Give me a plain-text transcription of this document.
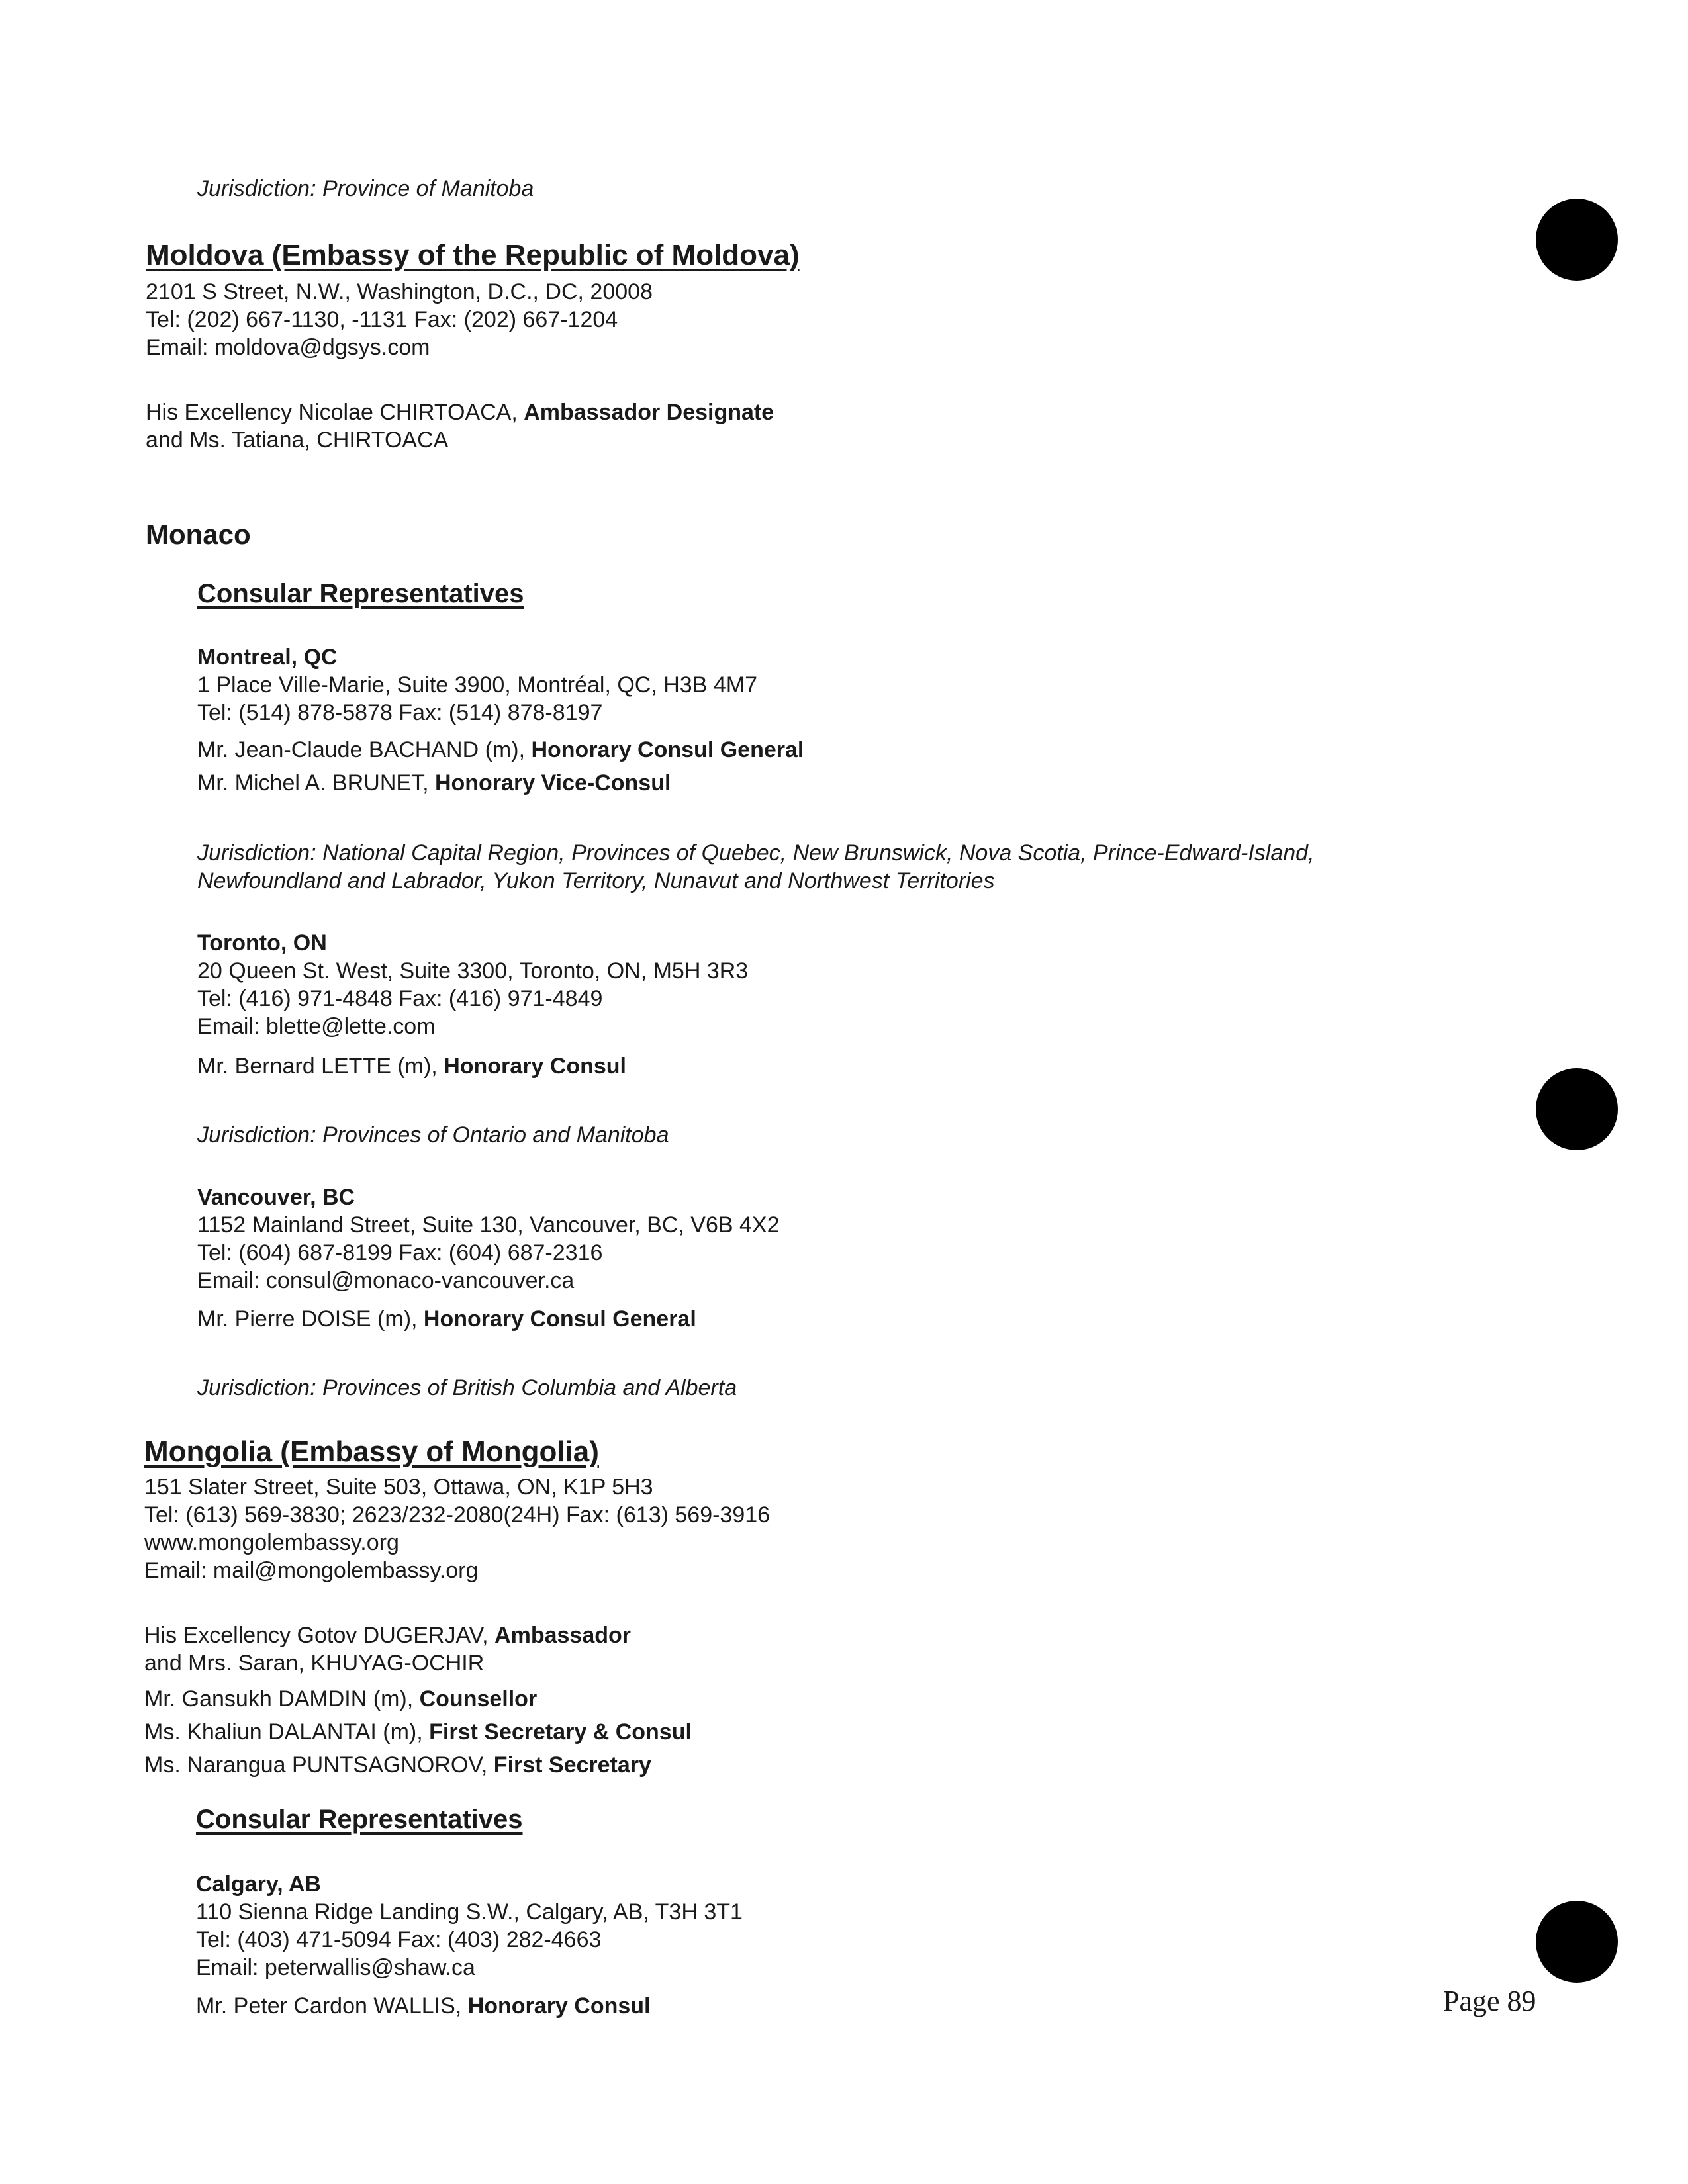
Jurisdiction: Province of Manitoba
Moldova (Embassy of the Republic of Moldova)
2101 S Street, N.W., Washington, D.C., DC, 20008
Tel: (202) 667-1130, -1131 Fax: (202) 667-1204
Email: moldova@dgsys.com
His Excellency Nicolae CHIRTOACA, Ambassador Designate
and Ms. Tatiana, CHIRTOACA
Monaco
Consular Representatives
Montreal, QC
1 Place Ville-Marie, Suite 3900, Montréal, QC, H3B 4M7
Tel: (514) 878-5878 Fax: (514) 878-8197
Mr. Jean-Claude BACHAND (m), Honorary Consul General
Mr. Michel A. BRUNET, Honorary Vice-Consul
Jurisdiction: National Capital Region, Provinces of Quebec, New Brunswick, Nova Scotia, Prince-Edward-Island,
Newfoundland and Labrador, Yukon Territory, Nunavut and Northwest Territories
Toronto, ON
20 Queen St. West, Suite 3300, Toronto, ON, M5H 3R3
Tel: (416) 971-4848 Fax: (416) 971-4849
Email: blette@lette.com
Mr. Bernard LETTE (m), Honorary Consul
Jurisdiction: Provinces of Ontario and Manitoba
Vancouver, BC
1152 Mainland Street, Suite 130, Vancouver, BC, V6B 4X2
Tel: (604) 687-8199 Fax: (604) 687-2316
Email: consul@monaco-vancouver.ca
Mr. Pierre DOISE (m), Honorary Consul General
Jurisdiction: Provinces of British Columbia and Alberta
Mongolia (Embassy of Mongolia)
151 Slater Street, Suite 503, Ottawa, ON, K1P 5H3
Tel: (613) 569-3830; 2623/232-2080(24H) Fax: (613) 569-3916
www.mongolembassy.org
Email: mail@mongolembassy.org
His Excellency Gotov DUGERJAV, Ambassador
and Mrs. Saran, KHUYAG-OCHIR
Mr. Gansukh DAMDIN (m), Counsellor
Ms. Khaliun DALANTAI (m), First Secretary & Consul
Ms. Narangua PUNTSAGNOROV, First Secretary
Consular Representatives
Calgary, AB
110 Sienna Ridge Landing S.W., Calgary, AB, T3H 3T1
Tel: (403) 471-5094 Fax: (403) 282-4663
Email: peterwallis@shaw.ca
Mr. Peter Cardon WALLIS, Honorary Consul	Page 89
